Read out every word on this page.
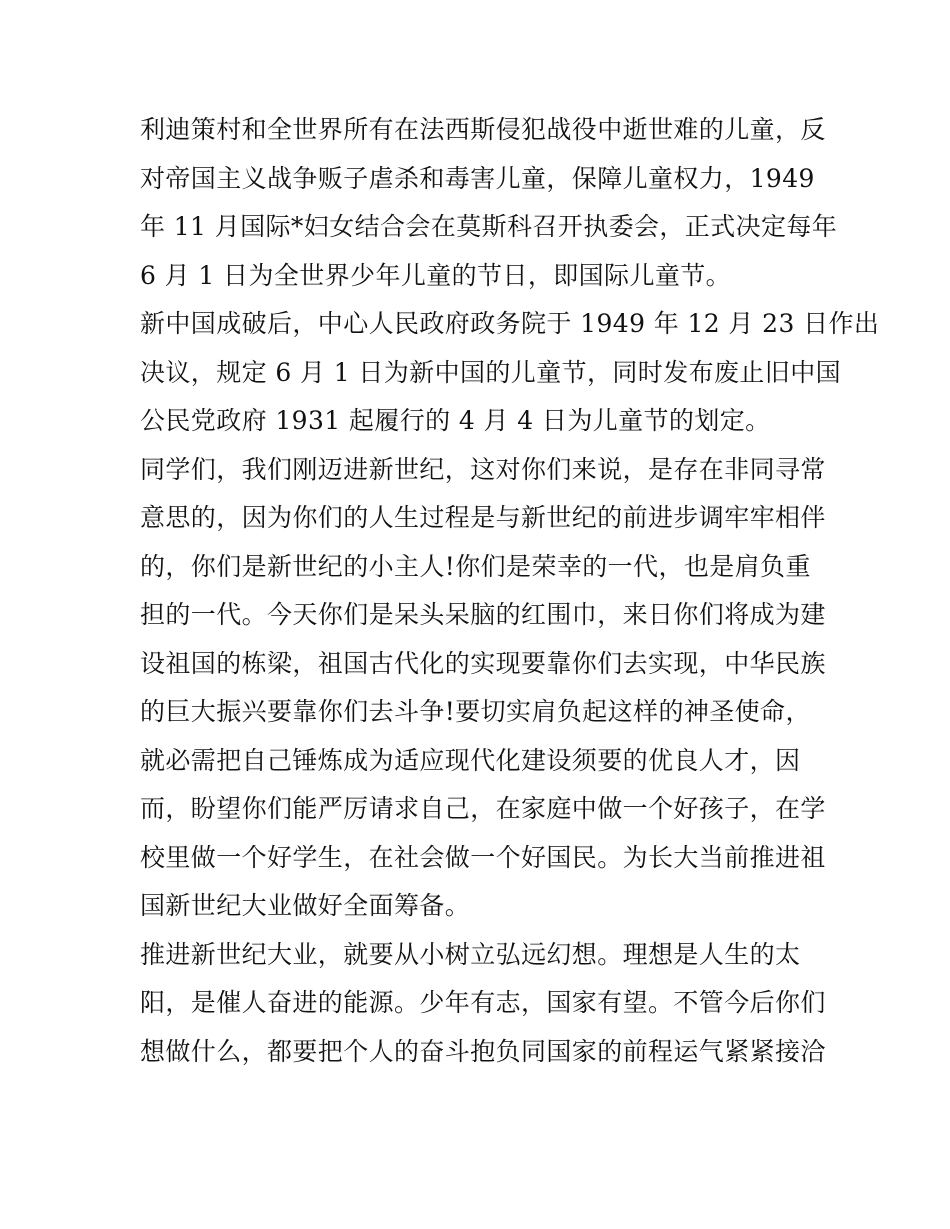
利迪策村和全世界所有在法西斯侵犯战役中逝世难的儿童，反
对帝国主义战争贩子虐杀和毒害儿童，保障儿童权力，1949
年 11 月国际*妇女结合会在莫斯科召开执委会，正式决定每年
6 月 1 日为全世界少年儿童的节日，即国际儿童节。
新中国成破后，中心人民政府政务院于 1949 年 12 月 23 日作出
决议，规定 6 月 1 日为新中国的儿童节，同时发布废止旧中国
公民党政府 1931 起履行的 4 月 4 日为儿童节的划定。
同学们，我们刚迈进新世纪，这对你们来说，是存在非同寻常
意思的，因为你们的人生过程是与新世纪的前进步调牢牢相伴
的，你们是新世纪的小主人!你们是荣幸的一代，也是肩负重
担的一代。今天你们是呆头呆脑的红围巾，来日你们将成为建
设祖国的栋梁，祖国古代化的实现要靠你们去实现，中华民族
的巨大振兴要靠你们去斗争!要切实肩负起这样的神圣使命，
就必需把自己锤炼成为适应现代化建设须要的优良人才，因
而，盼望你们能严厉请求自己，在家庭中做一个好孩子，在学
校里做一个好学生，在社会做一个好国民。为长大当前推进祖
国新世纪大业做好全面筹备。
推进新世纪大业，就要从小树立弘远幻想。理想是人生的太
阳，是催人奋进的能源。少年有志，国家有望。不管今后你们
想做什么，都要把个人的奋斗抱负同国家的前程运气紧紧接洽
